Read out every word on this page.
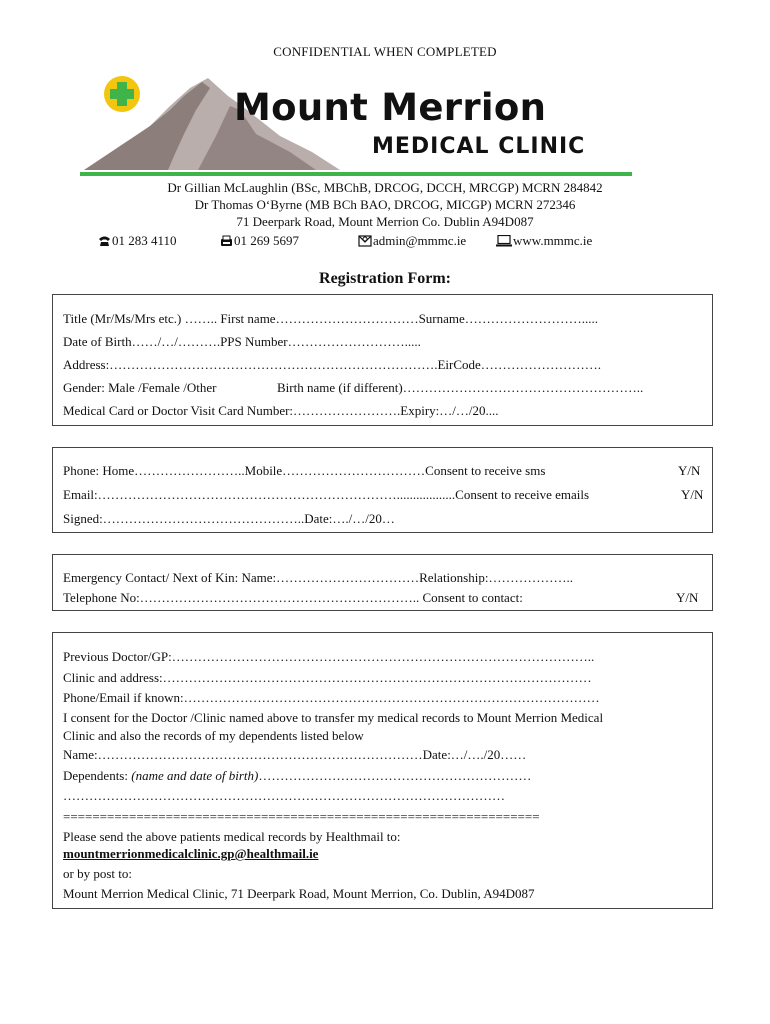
CONFIDENTIAL WHEN COMPLETED
Mount Merrion
MEDICAL CLINIC
Dr Gillian McLaughlin (BSc, MBChB, DRCOG, DCCH, MRCGP) MCRN 284842
Dr Thomas O‘Byrne (MB BCh BAO, DRCOG, MICGP) MCRN 272346
71 Deerpark Road, Mount Merrion Co. Dublin A94D087
01 283 4110	01 269 5697	admin@mmmc.ie	www.mmmc.ie
Registration Form:
Title (Mr/Ms/Mrs etc.) …….. First name……………………………Surname……………………….....
Date of Birth……/…/……….PPS Number……………………….....
Address:………………………………………………………………….EirCode……………………….
Gender: Male /Female /Other	Birth name (if different)………………………………………………..
Medical Card or Doctor Visit Card Number:…………………….Expiry:…/…/20....
Phone: Home……………………..Mobile……………………………Consent to receive sms	Y/N
Email:……………………………………………………………..................Consent to receive emails	Y/N
Signed:………………………………………..Date:…./…/20…
Emergency Contact/ Next of Kin: Name:……………………………Relationship:………………..
Telephone No:……………………………………………………….. Consent to contact:	Y/N
Previous Doctor/GP:……………………………………………………………………………………..
Clinic and address:………………………………………………………………………………………
Phone/Email if known:……………………………………………………………………………………
I consent for the Doctor /Clinic named above to transfer my medical records to Mount Merrion Medical
Clinic and also the records of my dependents listed below
Name:…………………………………………………………………Date:…/…./20……
Dependents: (name and date of birth)………………………………………………………
…………………………………………………………………………………………
=================================================================
Please send the above patients medical records by Healthmail to:
mountmerrionmedicalclinic.gp@healthmail.ie
or by post to:
Mount Merrion Medical Clinic, 71 Deerpark Road, Mount Merrion, Co. Dublin, A94D087
